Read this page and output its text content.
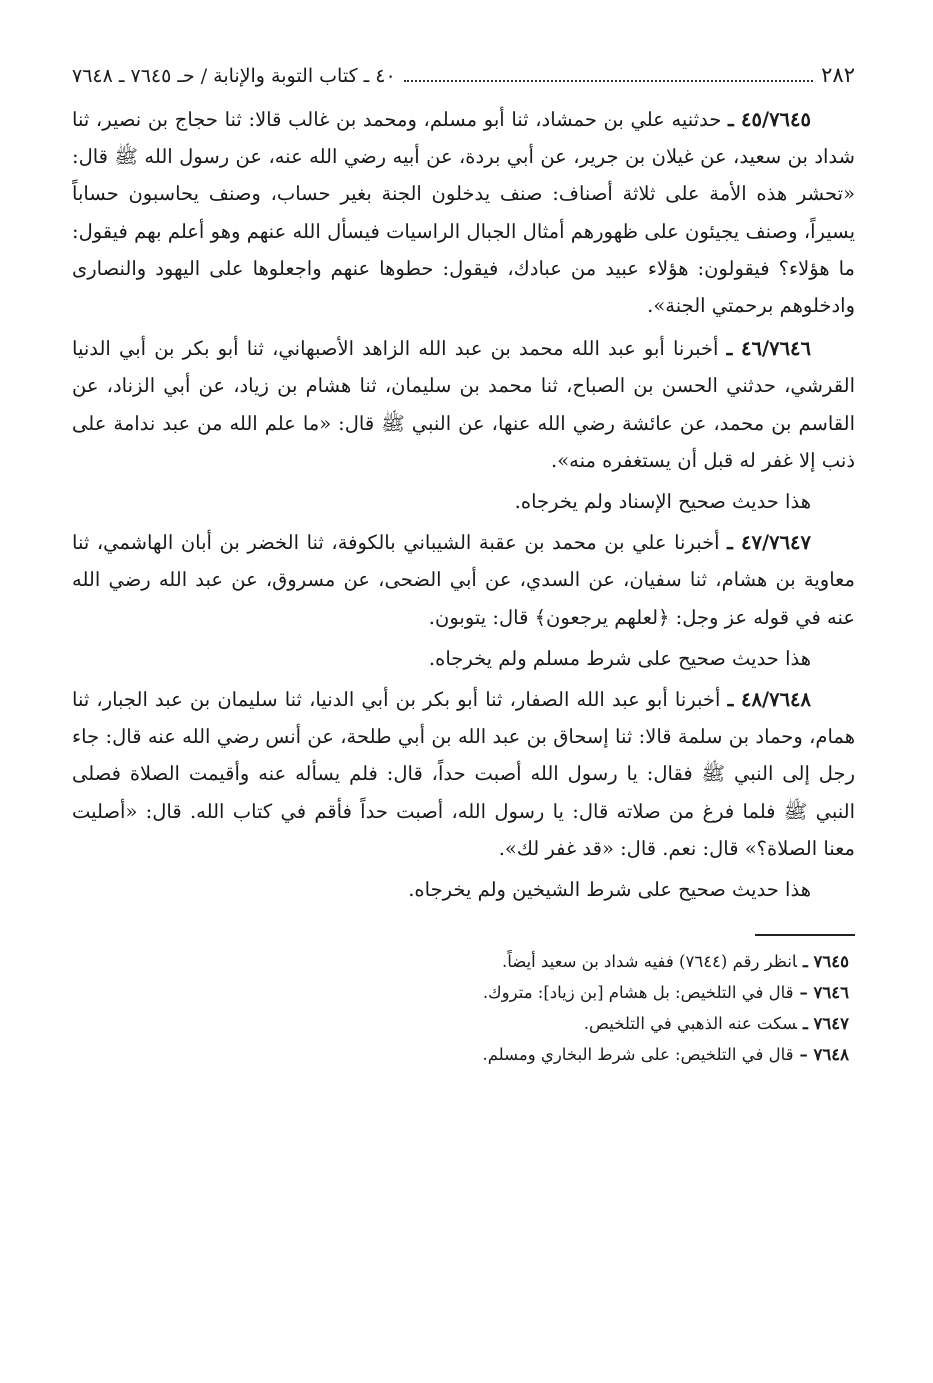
٢٨٢
٤٠ ـ كتاب التوبة والإنابة / حـ ٧٦٤٥ ـ ٧٦٤٨

٤٥/٧٦٤٥ ـ حدثنيه علي بن حمشاد، ثنا أبو مسلم، ومحمد بن غالب قالا: ثنا حجاج بن نصير، ثنا شداد بن سعيد، عن غيلان بن جرير، عن أبي بردة، عن أبيه رضي الله عنه، عن رسول الله ﷺ قال: «تحشر هذه الأمة على ثلاثة أصناف: صنف يدخلون الجنة بغير حساب، وصنف يحاسبون حساباً يسيراً، وصنف يجيئون على ظهورهم أمثال الجبال الراسيات فيسأل الله عنهم وهو أعلم بهم فيقول: ما هؤلاء؟ فيقولون: هؤلاء عبيد من عبادك، فيقول: حطوها عنهم واجعلوها على اليهود والنصارى وادخلوهم برحمتي الجنة».

٤٦/٧٦٤٦ ـ أخبرنا أبو عبد الله محمد بن عبد الله الزاهد الأصبهاني، ثنا أبو بكر بن أبي الدنيا القرشي، حدثني الحسن بن الصباح، ثنا محمد بن سليمان، ثنا هشام بن زياد، عن أبي الزناد، عن القاسم بن محمد، عن عائشة رضي الله عنها، عن النبي ﷺ قال: «ما علم الله من عبد ندامة على ذنب إلا غفر له قبل أن يستغفره منه».

هذا حديث صحيح الإسناد ولم يخرجاه.

٤٧/٧٦٤٧ ـ أخبرنا علي بن محمد بن عقبة الشيباني بالكوفة، ثنا الخضر بن أبان الهاشمي، ثنا معاوية بن هشام، ثنا سفيان، عن السدي، عن أبي الضحى، عن مسروق، عن عبد الله رضي الله عنه في قوله عز وجل: ﴿لعلهم يرجعون﴾ قال: يتوبون.

هذا حديث صحيح على شرط مسلم ولم يخرجاه.

٤٨/٧٦٤٨ ـ أخبرنا أبو عبد الله الصفار، ثنا أبو بكر بن أبي الدنيا، ثنا سليمان بن عبد الجبار، ثنا همام، وحماد بن سلمة قالا: ثنا إسحاق بن عبد الله بن أبي طلحة، عن أنس رضي الله عنه قال: جاء رجل إلى النبي ﷺ فقال: يا رسول الله أصبت حداً، قال: فلم يسأله عنه وأقيمت الصلاة فصلى النبي ﷺ فلما فرغ من صلاته قال: يا رسول الله، أصبت حداً فأقم في كتاب الله. قال: «أصليت معنا الصلاة؟» قال: نعم. قال: «قد غفر لك».

هذا حديث صحيح على شرط الشيخين ولم يخرجاه.

٧٦٤٥ ـانظر رقم (٧٦٤٤) ففيه شداد بن سعيد أيضاً.

٧٦٤٦ –قال في التلخيص: بل هشام [بن زياد]: متروك.

٧٦٤٧ ـسكت عنه الذهبي في التلخيص.

٧٦٤٨ –قال في التلخيص: على شرط البخاري ومسلم.
